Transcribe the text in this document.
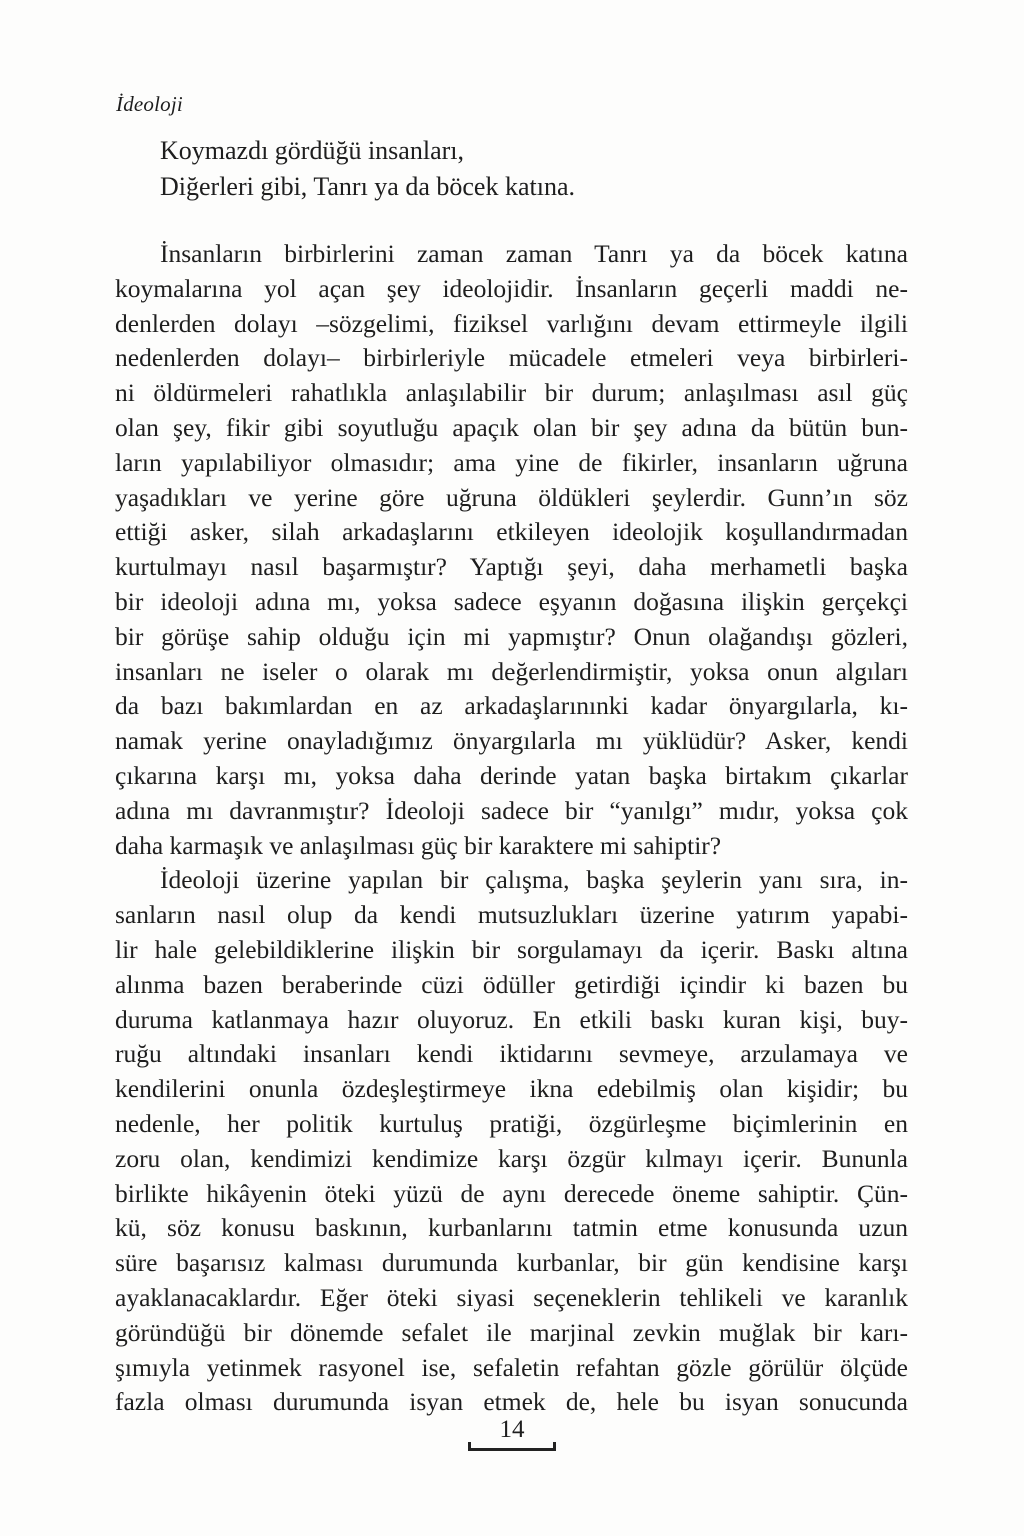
İdeoloji
Koymazdı gördüğü insanları,
Diğerleri gibi, Tanrı ya da böcek katına.
İnsanların birbirlerini zaman zaman Tanrı ya da böcek katına
koymalarına yol açan şey ideolojidir. İnsanların geçerli maddi ne-
denlerden dolayı –sözgelimi, fiziksel varlığını devam ettirmeyle ilgili
nedenlerden dolayı– birbirleriyle mücadele etmeleri veya birbirleri-
ni öldürmeleri rahatlıkla anlaşılabilir bir durum; anlaşılması asıl güç
olan şey, fikir gibi soyutluğu apaçık olan bir şey adına da bütün bun-
ların yapılabiliyor olmasıdır; ama yine de fikirler, insanların uğruna
yaşadıkları ve yerine göre uğruna öldükleri şeylerdir. Gunn’ın söz
ettiği asker, silah arkadaşlarını etkileyen ideolojik koşullandırmadan
kurtulmayı nasıl başarmıştır? Yaptığı şeyi, daha merhametli başka
bir ideoloji adına mı, yoksa sadece eşyanın doğasına ilişkin gerçekçi
bir görüşe sahip olduğu için mi yapmıştır? Onun olağandışı gözleri,
insanları ne iseler o olarak mı değerlendirmiştir, yoksa onun algıları
da bazı bakımlardan en az arkadaşlarınınki kadar önyargılarla, kı-
namak yerine onayladığımız önyargılarla mı yüklüdür? Asker, kendi
çıkarına karşı mı, yoksa daha derinde yatan başka birtakım çıkarlar
adına mı davranmıştır? İdeoloji sadece bir “yanılgı” mıdır, yoksa çok
daha karmaşık ve anlaşılması güç bir karaktere mi sahiptir?
İdeoloji üzerine yapılan bir çalışma, başka şeylerin yanı sıra, in-
sanların nasıl olup da kendi mutsuzlukları üzerine yatırım yapabi-
lir hale gelebildiklerine ilişkin bir sorgulamayı da içerir. Baskı altına
alınma bazen beraberinde cüzi ödüller getirdiği içindir ki bazen bu
duruma katlanmaya hazır oluyoruz. En etkili baskı kuran kişi, buy-
ruğu altındaki insanları kendi iktidarını sevmeye, arzulamaya ve
kendilerini onunla özdeşleştirmeye ikna edebilmiş olan kişidir; bu
nedenle, her politik kurtuluş pratiği, özgürleşme biçimlerinin en
zoru olan, kendimizi kendimize karşı özgür kılmayı içerir. Bununla
birlikte hikâyenin öteki yüzü de aynı derecede öneme sahiptir. Çün-
kü, söz konusu baskının, kurbanlarını tatmin etme konusunda uzun
süre başarısız kalması durumunda kurbanlar, bir gün kendisine karşı
ayaklanacaklardır. Eğer öteki siyasi seçeneklerin tehlikeli ve karanlık
göründüğü bir dönemde sefalet ile marjinal zevkin muğlak bir karı-
şımıyla yetinmek rasyonel ise, sefaletin refahtan gözle görülür ölçüde
fazla olması durumunda isyan etmek de, hele bu isyan sonucunda
14
